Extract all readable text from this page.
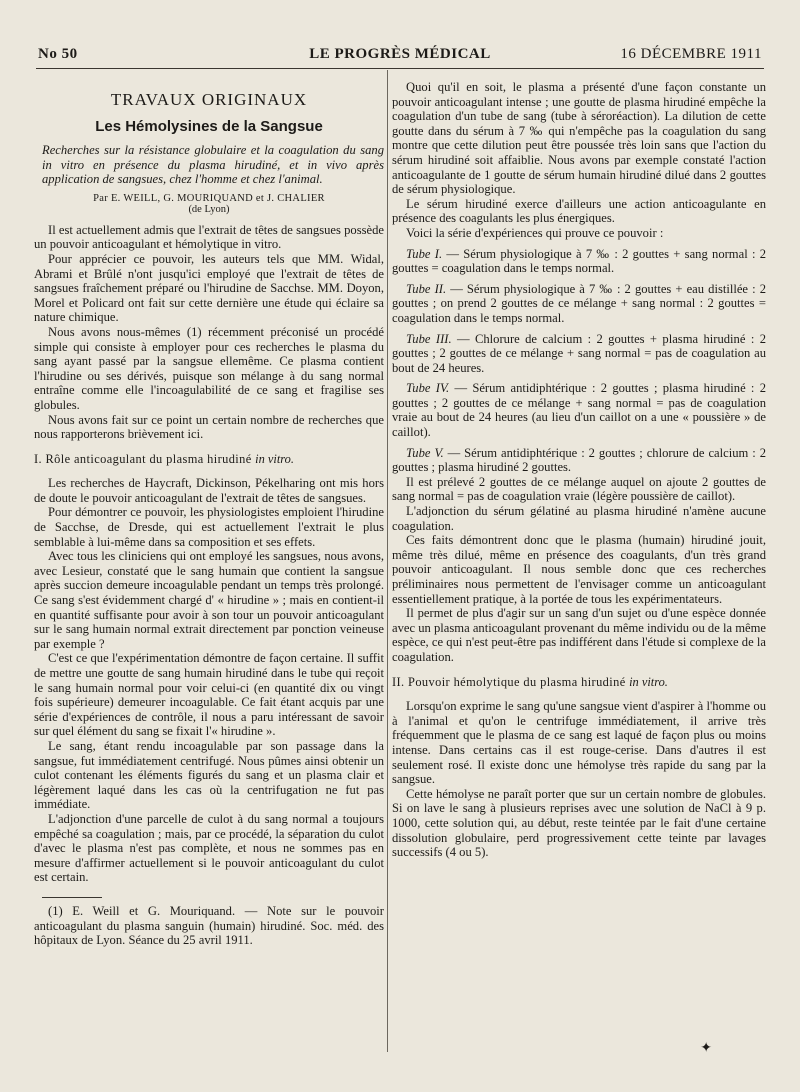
No 50	LE PROGRÈS MÉDICAL	16 DÉCEMBRE 1911
TRAVAUX ORIGINAUX
Les Hémolysines de la Sangsue
Recherches sur la résistance globulaire et la coagulation du sang in vitro en présence du plasma hirudiné, et in vivo après application de sangsues, chez l'homme et chez l'animal.
Par E. WEILL, G. MOURIQUAND et J. CHALIER
(de Lyon)

Il est actuellement admis que l'extrait de têtes de sangsues possède un pouvoir anticoagulant et hémolytique in vitro.

Pour apprécier ce pouvoir, les auteurs tels que MM. Widal, Abrami et Brûlé n'ont jusqu'ici employé que l'extrait de têtes de sangsues fraîchement préparé ou l'hirudine de Sacchse. MM. Doyon, Morel et Policard ont fait sur cette dernière une étude qui éclaire sa nature chimique.

Nous avons nous-mêmes (1) récemment préconisé un procédé simple qui consiste à employer pour ces recherches le plasma du sang ayant passé par la sangsue ellemême. Ce plasma contient l'hirudine ou ses dérivés, puisque son mélange à du sang normal entraîne comme elle l'incoagulabilité de ce sang et fragilise ses globules.

Nous avons fait sur ce point un certain nombre de recherches que nous rapporterons brièvement ici.

I. Rôle anticoagulant du plasma hirudiné in vitro.

Les recherches de Haycraft, Dickinson, Pékelharing ont mis hors de doute le pouvoir anticoagulant de l'extrait de têtes de sangsues.

Pour démontrer ce pouvoir, les physiologistes emploient l'hirudine de Sacchse, de Dresde, qui est actuellement l'extrait le plus semblable à lui-même dans sa composition et ses effets.

Avec tous les cliniciens qui ont employé les sangsues, nous avons, avec Lesieur, constaté que le sang humain que contient la sangsue après succion demeure incoagulable pendant un temps très prolongé. Ce sang s'est évidemment chargé d' « hirudine » ; mais en contient-il en quantité suffisante pour avoir à son tour un pouvoir anticoagulant sur le sang humain normal extrait directement par ponction veineuse par exemple ?

C'est ce que l'expérimentation démontre de façon certaine. Il suffit de mettre une goutte de sang humain hirudiné dans le tube qui reçoit le sang humain normal pour voir celui-ci (en quantité dix ou vingt fois supérieure) demeurer incoagulable. Ce fait étant acquis par une série d'expériences de contrôle, il nous a paru intéressant de savoir sur quel élément du sang se fixait l'« hirudine ».

Le sang, étant rendu incoagulable par son passage dans la sangsue, fut immédiatement centrifugé. Nous pûmes ainsi obtenir un culot contenant les éléments figurés du sang et un plasma clair et légèrement laqué dans les cas où la centrifugation ne fut pas immédiate.

L'adjonction d'une parcelle de culot à du sang normal a toujours empêché sa coagulation ; mais, par ce procédé, la séparation du culot d'avec le plasma n'est pas complète, et nous ne sommes pas en mesure d'affirmer actuellement si le pouvoir anticoagulant du culot est certain.

(1) E. Weill et G. Mouriquand. — Note sur le pouvoir anticoagulant du plasma sanguin (humain) hirudiné. Soc. méd. des hôpitaux de Lyon. Séance du 25 avril 1911.

Quoi qu'il en soit, le plasma a présenté d'une façon constante un pouvoir anticoagulant intense ; une goutte de plasma hirudiné empêche la coagulation d'un tube de sang (tube à séroréaction). La dilution de cette goutte dans du sérum à 7 ‰ qui n'empêche pas la coagulation du sang montre que cette dilution peut être poussée très loin sans que l'action du sérum hirudiné soit affaiblie. Nous avons par exemple constaté l'action anticoagulante de 1 goutte de sérum humain hirudiné dilué dans 2 gouttes de sérum physiologique.

Le sérum hirudiné exerce d'ailleurs une action anticoagulante en présence des coagulants les plus énergiques.

Voici la série d'expériences qui prouve ce pouvoir :

Tube I. — Sérum physiologique à 7 ‰ : 2 gouttes + sang normal : 2 gouttes = coagulation dans le temps normal.

Tube II. — Sérum physiologique à 7 ‰ : 2 gouttes + eau distillée : 2 gouttes ; on prend 2 gouttes de ce mélange + sang normal : 2 gouttes = coagulation dans le temps normal.

Tube III. — Chlorure de calcium : 2 gouttes + plasma hirudiné : 2 gouttes ; 2 gouttes de ce mélange + sang normal = pas de coagulation au bout de 24 heures.

Tube IV. — Sérum antidiphtérique : 2 gouttes ; plasma hirudiné : 2 gouttes ; 2 gouttes de ce mélange + sang normal = pas de coagulation vraie au bout de 24 heures (au lieu d'un caillot on a une « poussière » de caillot).

Tube V. — Sérum antidiphtérique : 2 gouttes ; chlorure de calcium : 2 gouttes ; plasma hirudiné 2 gouttes.

Il est prélevé 2 gouttes de ce mélange auquel on ajoute 2 gouttes de sang normal = pas de coagulation vraie (légère poussière de caillot).

L'adjonction du sérum gélatiné au plasma hirudiné n'amène aucune coagulation.

Ces faits démontrent donc que le plasma (humain) hirudiné jouit, même très dilué, même en présence des coagulants, d'un très grand pouvoir anticoagulant. Il nous semble donc que ces recherches préliminaires nous permettent de l'envisager comme un anticoagulant essentiellement pratique, à la portée de tous les expérimentateurs.

Il permet de plus d'agir sur un sang d'un sujet ou d'une espèce donnée avec un plasma anticoagulant provenant du même individu ou de la même espèce, ce qui n'est peut-être pas indifférent dans l'étude si complexe de la coagulation.

II. Pouvoir hémolytique du plasma hirudiné in vitro.

Lorsqu'on exprime le sang qu'une sangsue vient d'aspirer à l'homme ou à l'animal et qu'on le centrifuge immédiatement, il arrive très fréquemment que le plasma de ce sang est laqué de façon plus ou moins intense. Dans certains cas il est rouge-cerise. Dans d'autres il est seulement rosé. Il existe donc une hémolyse très rapide du sang par la sangsue.

Cette hémolyse ne paraît porter que sur un certain nombre de globules. Si on lave le sang à plusieurs reprises avec une solution de NaCl à 9 p. 1000, cette solution qui, au début, reste teintée par le fait d'une certaine dissolution globulaire, perd progressivement cette teinte par lavages successifs (4 ou 5).

✦
